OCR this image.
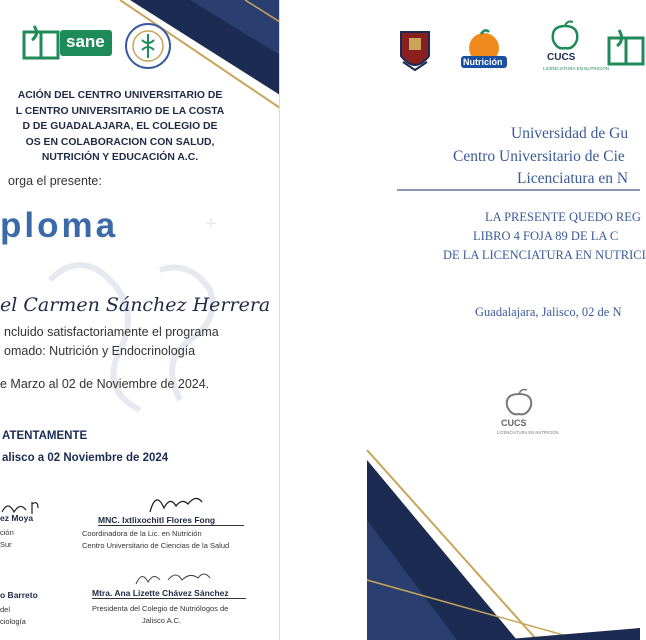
sane
ACIÓN DEL CENTRO UNIVERSITARIO DE
L CENTRO UNIVERSITARIO DE LA COSTA
D DE GUADALAJARA, EL COLEGIO DE
OS EN COLABORACION CON SALUD,
NUTRICIÓN Y EDUCACIÓN A.C.
orga el presente:
ploma	+
el Carmen Sánchez Herrera
ncluido satisfactoriamente el programa
omado: Nutrición y Endocrinología
e Marzo al 02 de Noviembre de 2024.
ATENTAMENTE
alisco a 02 Noviembre de 2024
ez Moya
ción
Sur
MNC. Ixtlixochitl Flores Fong
Coordinadora de la Lic. en Nutrición
Centro Universitario de Ciencias de la Salud
o Barreto
del
ciología
Mtra. Ana Lizette Chávez Sánchez
Presidenta del Colegio de Nutriólogos de
Jalisco A.C.
Nutrición	CUCS
LICENCIATURA EN NUTRICIÓN
Universidad de Gu
Centro Universitario de Cie
Licenciatura en N
LA PRESENTE QUEDO REG
LIBRO 4 FOJA 89 DE LA C
DE LA LICENCIATURA EN NUTRICI
Guadalajara, Jalisco, 02 de N
CUCS
LICENCIATURA EN NUTRICIÓN
